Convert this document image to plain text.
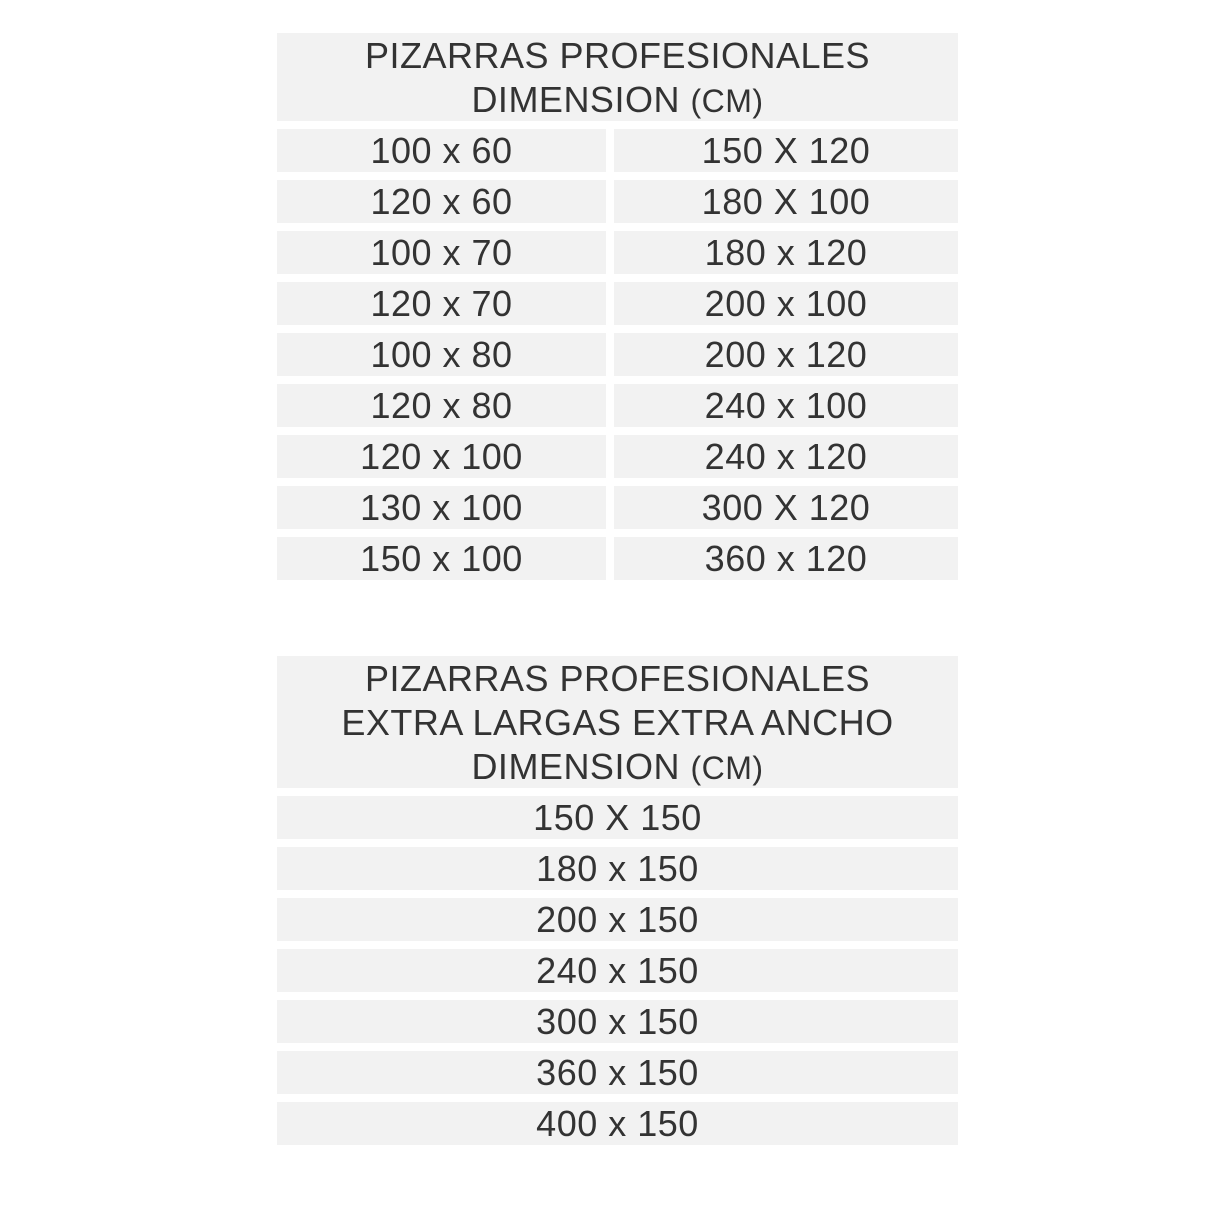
PIZARRAS PROFESIONALES
DIMENSION (CM)
100 x 60	150 X 120
120 x 60	180 X 100
100 x 70	180 x 120
120 x 70	200 x 100
100 x 80	200 x 120
120 x 80	240 x 100
120 x 100	240 x 120
130 x 100	300 X 120
150 x 100	360 x 120
PIZARRAS PROFESIONALES
EXTRA LARGAS EXTRA ANCHO
DIMENSION (CM)
150 X 150
180 x 150
200 x 150
240 x 150
300 x 150
360 x 150
400 x 150
